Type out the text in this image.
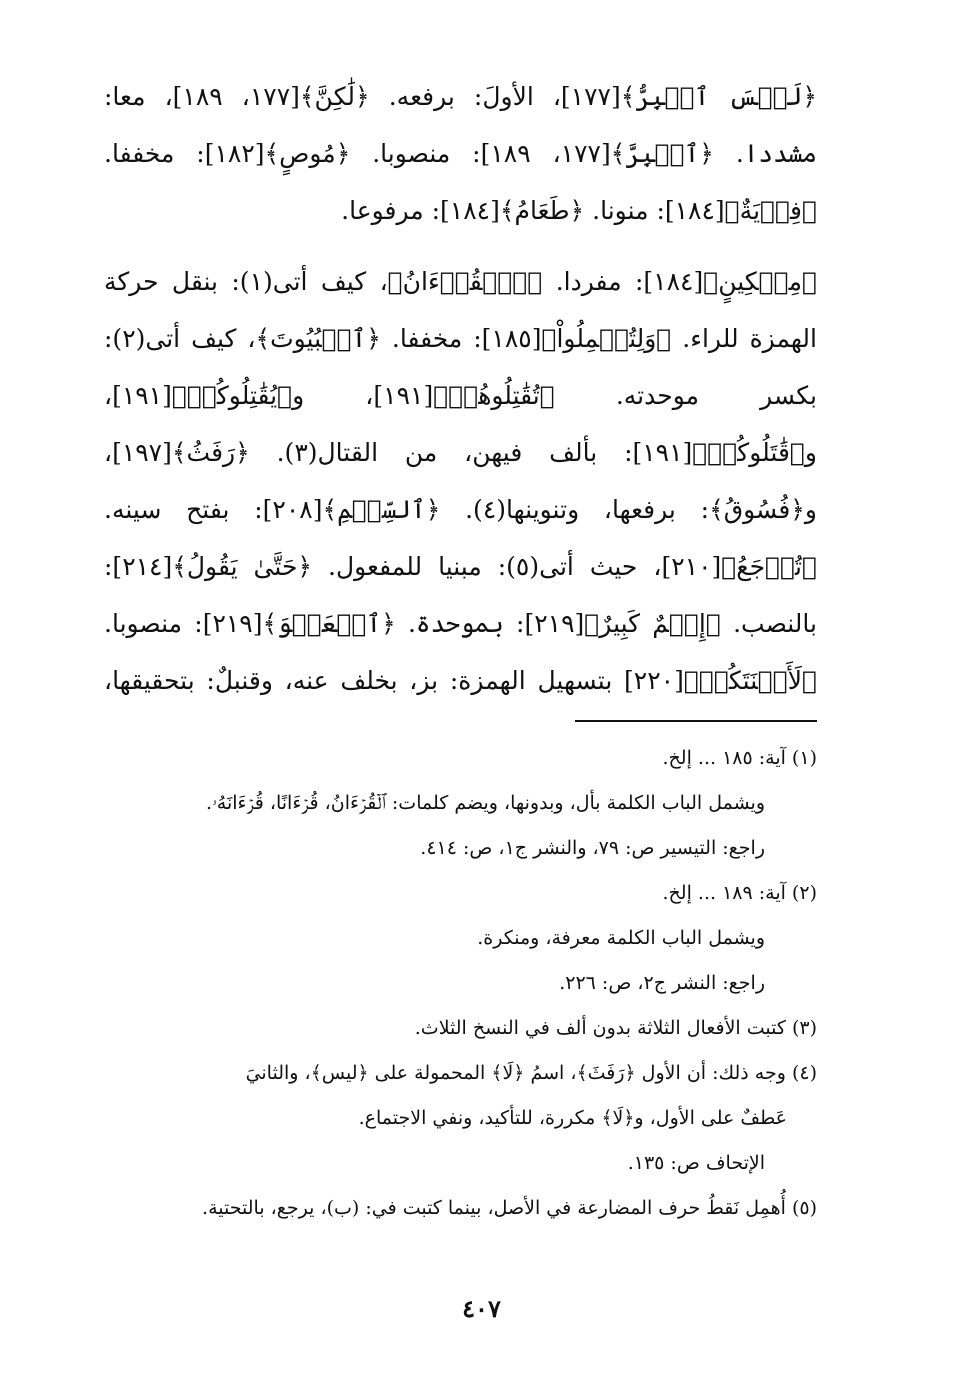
﴿لَيۡسَ ٱلۡبِرُّ﴾[١٧٧]، الأولَ: برفعه. ﴿لَٰكِنَّ﴾[١٧٧، ١٨٩]، معا:
مشددا. ﴿ٱلۡبِرَّ﴾[١٧٧، ١٨٩]: منصوبا. ﴿مُوصٍ﴾[١٨٢]: مخففا.
﴿فِدۡيَةٌ﴾[١٨٤]: منونا. ﴿طَعَامُ﴾[١٨٤]: مرفوعا.
﴿مِسۡكِينٍ﴾[١٨٤]: مفردا. ﴿ٱلۡقُرۡءَانُ﴾، كيف أتى(١): بنقل حركة
الهمزة للراء. ﴿وَلِتُكۡمِلُواْ﴾[١٨٥]: مخففا. ﴿ٱلۡبُيُوتَ﴾، كيف أتى(٢):
بكسر موحدته. ﴿تُقَٰتِلُوهُمۡ﴾[١٩١]، و﴿يُقَٰتِلُوكُمۡ﴾[١٩١]،
و﴿قَٰتَلُوكُمۡ﴾[١٩١]: بألف فيهن، من القتال(٣). ﴿رَفَثُ﴾[١٩٧]،
و﴿فُسُوقُ﴾: برفعها، وتنوينها(٤). ﴿ٱلسِّلۡمِ﴾[٢٠٨]: بفتح سينه.
﴿تُرۡجَعُ﴾[٢١٠]، حيث أتى(٥): مبنيا للمفعول. ﴿حَتَّىٰ يَقُولُ﴾[٢١٤]:
بالنصب. ﴿إِثۡمٌ كَبِيرٌ﴾[٢١٩]: بموحدة. ﴿ٱلۡعَفۡوَ﴾[٢١٩]: منصوبا.
﴿لَأَعۡنَتَكُمۡ﴾[٢٢٠] بتسهيل الهمزة: بز، بخلف عنه، وقنبلٌ: بتحقيقها،
(١) آية: ١٨٥ ... إلخ.
ويشمل الباب الكلمة بأل، وبدونها، ويضم كلمات: ٱلۡقُرۡءَانُ، قُرۡءَانًا، قُرۡءَانَهُۥ.
راجع: التيسير ص: ٧٩، والنشر ج١، ص: ٤١٤.
(٢) آية: ١٨٩ ... إلخ.
ويشمل الباب الكلمة معرفة، ومنكرة.
راجع: النشر ج٢، ص: ٢٢٦.
(٣) كتبت الأفعال الثلاثة بدون ألف في النسخ الثلاث.
(٤) وجه ذلك: أن الأول ﴿رَفَثَ﴾، اسمُ ﴿لَا﴾ المحمولة على ﴿ليس﴾، والثانيَ
عَطفٌ على الأول، و﴿لَا﴾ مكررة، للتأكيد، ونفي الاجتماع.
الإتحاف ص: ١٣٥.
(٥) أُهمِل نَقطُ حرف المضارعة في الأصل، بينما كتبت في: (ب)، يرجع، بالتحتية.
٤٠٧
